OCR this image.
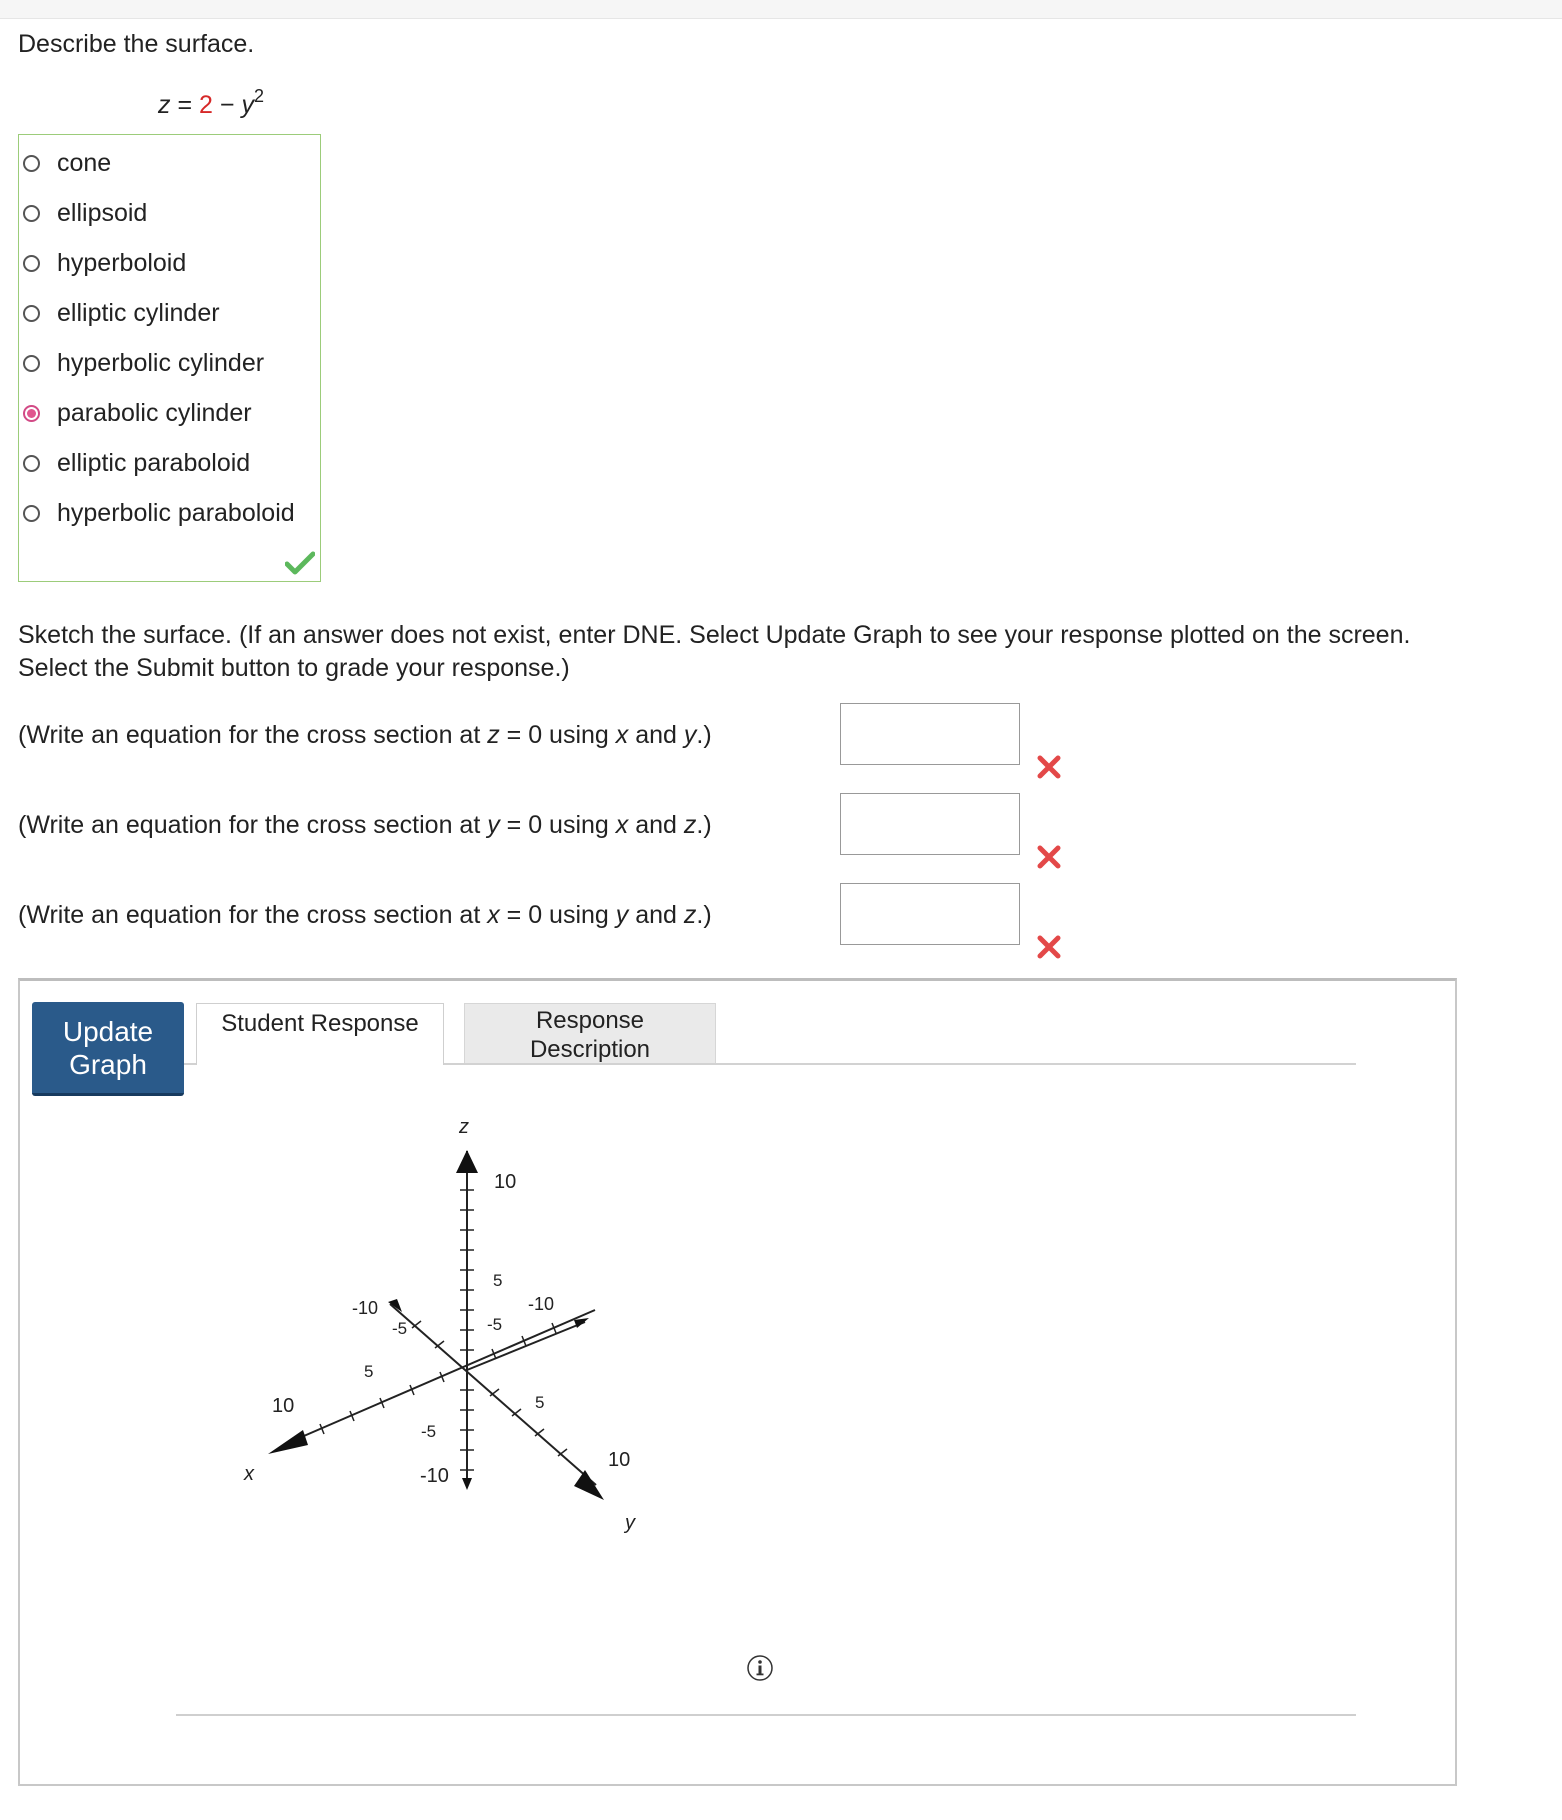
Describe the surface.
$z = 2 - y^2$
cone
ellipsoid
hyperboloid
elliptic cylinder
hyperbolic cylinder
parabolic cylinder
elliptic paraboloid
hyperbolic paraboloid
Sketch the surface. (If an answer does not exist, enter DNE. Select Update Graph to see your response plotted on the screen.
Select the Submit button to grade your response.)
(Write an equation for the cross section at z = 0 using x and y.)
(Write an equation for the cross section at y = 0 using x and z.)
(Write an equation for the cross section at x = 0 using y and z.)
Update
Graph
Student Response	Response
Description
z
x
y
10
5
-5
-10
10
5
-5
-10
10
5
-5
-10
